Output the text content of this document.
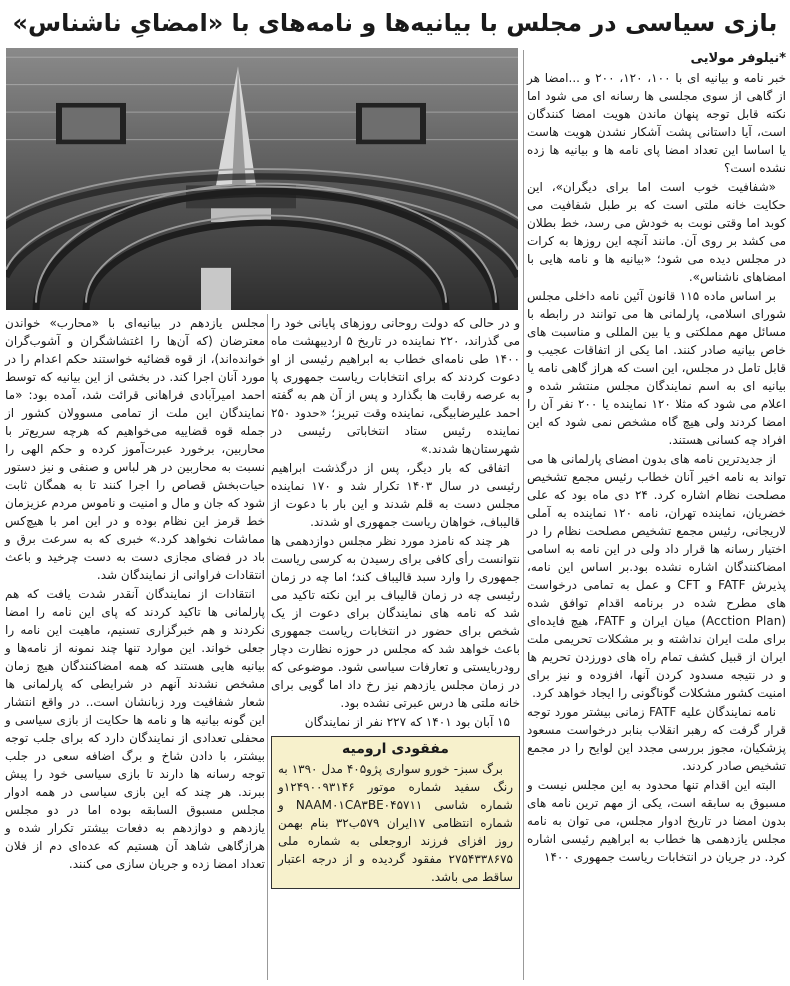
بازی سیاسی در مجلس با بیانیه‌ها و نامه‌های با «امضایِ ناشناس»

*نیلوفر مولایی

خبر نامه و بیانیه ای با ۱۰۰، ۱۲۰، ۲۰۰ و ...امضا هر از گاهی از سوی مجلسی ها رسانه ای می شود اما نکته قابل توجه پنهان ماندن هویت امضا کنندگان است، آیا داستانی پشت آشکار نشدن هویت هاست یا اساسا این تعداد امضا پای نامه ها و بیانیه ها زده نشده است؟

«شفافیت خوب است اما برای دیگران»، این حکایت خانه ملتی است که بر طبل شفافیت می کوبد اما وقتی نوبت به خودش می رسد، خط بطلان می کشد بر روی آن. مانند آنچه این روزها به کرات در مجلس دیده می شود؛ «بیانیه ها و نامه هایی با امضاهای ناشناس».

بر اساس ماده ۱۱۵ قانون آئین نامه داخلی مجلس شورای اسلامی، پارلمانی ها می توانند در رابطه با مسائل مهم مملکتی و یا بین المللی و مناسبت های خاص بیانیه صادر کنند. اما یکی از اتفاقات عجیب و قابل تامل در مجلس، این است که هراز گاهی نامه یا بیانیه ای به اسم نمایندگان مجلس منتشر شده و اعلام می شود که مثلا ۱۲۰ نماینده یا ۲۰۰ نفر آن را امضا کردند ولی هیچ گاه مشخص نمی شود که این افراد چه کسانی هستند.

از جدیدترین نامه های بدون امضای پارلمانی ها می تواند به نامه اخیر آنان خطاب رئیس مجمع تشخیص مصلحت نظام اشاره کرد. ۲۴ دی ماه بود که علی خضریان، نماینده تهران، نامه ۱۲۰ نماینده به آملی لاریجانی، رئیس مجمع تشخیص مصلحت نظام را در اختیار رسانه ها قرار داد ولی در این نامه به اسامی امضاکنندگان اشاره نشده بود.بر اساس این نامه، پذیرش FATF و CFT و عمل به تمامی درخواست های مطرح شده در برنامه اقدام توافق شده (Acction Plan) میان ایران و FATF، هیچ فایده‌ای برای ملت ایران نداشته و بر مشکلات تحریمی ملت ایران از قبیل کشف تمام راه های دورزدن تحریم ها و در نتیجه مسدود کردن آنها، افزوده و نیز برای امنیت کشور مشکلات گوناگونی را ایجاد خواهد کرد.

نامه نمایندگان علیه FATF زمانی بیشتر مورد توجه قرار گرفت که رهبر انقلاب بنابر درخواست مسعود پزشکیان، مجوز بررسی مجدد این لوایح را در مجمع تشخیص صادر کردند.

البته این اقدام تنها محدود به این مجلس نیست و مسبوق به سابقه است، یکی از مهم ترین نامه های بدون امضا در تاریخ ادوار مجلس، می توان به نامه مجلس یازدهمی ها خطاب به ابراهیم رئیسی اشاره کرد. در جریان در انتخابات ریاست جمهوری ۱۴۰۰

و در حالی که دولت روحانی روزهای پایانی خود را می گذراند، ۲۲۰ نماینده در تاریخ ۵ اردیبهشت ماه ۱۴۰۰ طی نامه‌ای خطاب به ابراهیم رئیسی از او دعوت کردند که برای انتخابات ریاست جمهوری پا به عرصه رقابت ها بگذارد و پس از آن هم به گفته احمد علیرضابیگی، نماینده وقت تبریز؛ «حدود ۲۵۰ نماینده رئیس ستاد انتخاباتی رئیسی در شهرستان‌ها شدند.»

اتفاقی که بار دیگر، پس از درگذشت ابراهیم رئیسی در سال ۱۴۰۳ تکرار شد و ۱۷۰ نماینده مجلس دست به قلم شدند و این بار با دعوت از قالیباف، خواهان ریاست جمهوری او شدند.

هر چند که نامزد مورد نظر مجلس دوازدهمی ها نتوانست رأی کافی برای رسیدن به کرسی ریاست جمهوری را وارد سبد قالیباف کند؛ اما چه در زمان رئیسی چه در زمان قالیباف بر این نکته تاکید می شد که نامه های نمایندگان برای دعوت از یک شخص برای حضور در انتخابات ریاست جمهوری باعث خواهد شد که مجلس در حوزه نظارت دچار رودربایستی و تعارفات سیاسی شود. موضوعی که در زمان مجلس یازدهم نیز رخ داد اما گویی برای خانه ملتی ها درس عبرتی نشده بود.

۱۵ آبان بود ۱۴۰۱ که ۲۲۷ نفر از نمایندگان

مفقودی ارومیه

برگ سبز- خورو سواری پژو۴۰۵ مدل ۱۳۹۰ به رنگ سفید شماره موتور ۱۲۴۹۰۰۹۳۱۴۶و شماره شاسی NAAM۰۱CA۳BE۰۴۵۷۱۱ و شماره انتظامی ۱۷ایران ۵۷۹ب۳۲ بنام بهمن روز افزای فرزند اروجعلی به شماره ملی ۲۷۵۴۳۳۸۶۷۵ مفقود گردیده و از درجه اعتبار ساقط می باشد.

مجلس یازدهم در بیانیه‌ای با «محارب» خواندن معترضان (که آن‌ها را اغتشاشگران و آشوب‌گران خوانده‌اند)، از قوه قضائیه خواستند حکم اعدام را در مورد آنان اجرا کند. در بخشی از این بیانیه که توسط احمد امیرآبادی فراهانی قرائت شد، آمده بود: «ما نمایندگان این ملت از تمامی مسوولان کشور از جمله قوه قضاییه می‌خواهیم که هرچه سریع‌تر با محاربین، برخورد عبرت‌آموز کرده و حکم الهی را نسبت به محاربین در هر لباس و صنفی و نیز دستور حیات‌بخش قصاص را اجرا کنند تا به همگان ثابت شود که جان و مال و امنیت و ناموس مردم عزیزمان خط قرمز این نظام بوده و در این امر با هیچ‌کس مماشات نخواهد کرد.» خبری که به سرعت برق و باد در فضای مجازی دست به دست چرخید و باعث انتقادات فراوانی از نمایندگان شد.

انتقادات از نمایندگان آنقدر شدت یافت که هم پارلمانی ها تاکید کردند که پای این نامه را امضا نکردند و هم خبرگزاری تسنیم، ماهیت این نامه را جعلی خواند. این موارد تنها چند نمونه از نامه‌ها و بیانیه هایی هستند که همه امضاکنندگان هیچ زمان مشخص نشدند آنهم در شرایطی که پارلمانی ها شعار شفافیت ورد زبانشان است.. در واقع انتشار این گونه بیانیه ها و نامه ها حکایت از بازی سیاسی و محفلی تعدادی از نمایندگان دارد که برای جلب توجه بیشتر، با دادن شاخ و برگ اضافه سعی در جلب توجه رسانه ها دارند تا بازی سیاسی خود را پیش ببرند. هر چند که این بازی سیاسی در همه ادوار مجلس مسبوق السابقه بوده اما در دو مجلس یازدهم و دوازدهم به دفعات بیشتر تکرار شده و هرازگاهی شاهد آن هستیم که عده‌ای دم از فلان تعداد امضا زده و جریان سازی می کنند.
